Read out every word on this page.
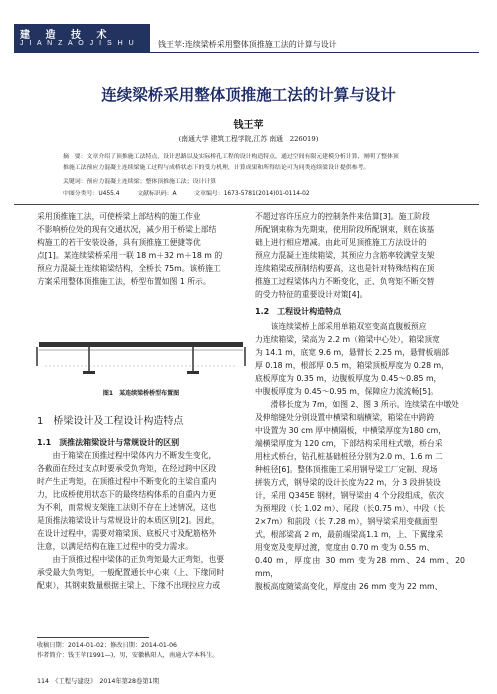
建 造 技 术
J I A N Z A O J I S H U	钱王苹:连续梁桥采用整体顶推施工法的计算与设计
连续梁桥采用整体顶推施工法的计算与设计
钱王苹
(南通大学 建筑工程学院,江苏 南通　226019)
摘　要：文章介绍了顶推施工法特点，设计思路以及实际桥孔工程的设计构造特点，通过空间有限元建模分析计算，阐明了整体顶
推施工法预应力混凝土连续梁施工过程与成桥状态下的受力机理，计算成果和所得结论可为同类连续梁设计提供参考。
关键词：预应力混凝土连续梁；整体顶推施工法；设计计算
中图分类号：U455.4　　　文献标识码：A　　　文章编号：1673-5781(2014)01-0114-02
采用顶推施工法，可使桥梁上部结构的施工作业
不影响桥位处的现有交通状况，减少用于桥梁上部结
构施工的若干安装设备，具有顶推施工便捷等优
点[1]。某连续梁桥采用一联 18 m＋32 m＋18 m 的
预应力混凝土连续箱梁结构，全桥长 75m。该桥施工
方案采用整体顶推施工法，桥型布置如图 1 所示。
图1　某连续梁桥桥型布置图
1　桥梁设计及工程设计构造特点
1.1　顶推法箱梁设计与常规设计的区别
　　由于箱梁在顶推过程中梁体内力不断发生变化，
各截面在经过支点时要承受负弯矩，在经过跨中区段
时产生正弯矩，在顶推过程中不断变化的主梁自重内
力，比成桥使用状态下的最终结构体系的自重内力更
为不利，而常规支架施工法则不存在上述情况，这也
是顶推法箱梁设计与常规设计的本质区别[2]。因此，
在设计过程中，需要对箱梁顶、底板尺寸及配筋格外
注意，以满足结构在施工过程中的受力需求。
　　由于顶推过程中梁体的正负弯矩最大正弯矩，也要
承受最大负弯矩，一般配置通长中心束（上、下缘同时
配束），其钢束数量根据主梁上、下缘不出现拉应力或
收稿日期：2014-01-02；修改日期：2014-01-06
作者简介：钱王苹(1991—)，男，安徽枞阳人，南通大学本科生。
114　《工程与建设》　2014年第28卷第1期
不超过容许压应力的控制条件来估算[3]。施工阶段
所配钢束称为先期束，使用阶段所配钢束，则在该基
础上进行相应增减。由此可见顶推施工方法设计的
预应力混凝土连续箱梁，其预应力含筋率较满堂支架
连续箱梁或预制结构要高，这也是针对特殊结构在顶
推施工过程梁体内力不断变化，正、负弯矩不断交替
的受力特征的重要设计对策[4]。
1.2　工程设计构造特点
　　该连续梁桥上部采用单箱双室变高直腹板预应
力连续箱梁，梁高为 2.2 m（箱梁中心处），箱梁顶宽
为 14.1 m，底宽 9.6 m，悬臂长 2.25 m，悬臂板端部
厚 0.18 m，根部厚 0.5 m，箱梁顶板厚度为 0.28 m，
底板厚度为 0.35 m，边腹板厚度为 0.45～0.85 m，
中腹板厚度为 0.45～0.95 m，保障应力流流畅[5]。
　　滑移长度为 7m，如图 2、图 3 所示。连续梁在中墩处
及伸缩缝处分别设置中横梁和端横梁，箱梁在中跨跨
中设置为 30 cm 厚中横隔板，中横梁厚度为180 cm，
端横梁厚度为 120 cm，下部结构采用柱式墩，桥台采
用柱式桥台，钻孔桩基础桩径分别为2.0 m、1.6 m 二
种桩径[6]。整体顶推施工采用钢导梁工厂定制、现场
拼装方式，钢导梁的设计长度为22 m，分 3 段拼装设
计，采用 Q345E 钢材，钢导梁由 4 个分段组成，依次
为预埋段（长 1.02 m）、尾段（长0.75 m）、中段（长
2×7m）和前段（长 7.28 m），钢导梁采用变截面型
式，根部梁高 2 m，最前端梁高1.1 m，上、下翼缘采
用变宽及变厚过渡，宽度由 0.70 m 变为 0.55 m、
0.40 m，厚度由 30 mm 变为28 mm、24 mm、20 mm，
腹板高度随梁高变化，厚度由 26 mm 变为 22 mm、
